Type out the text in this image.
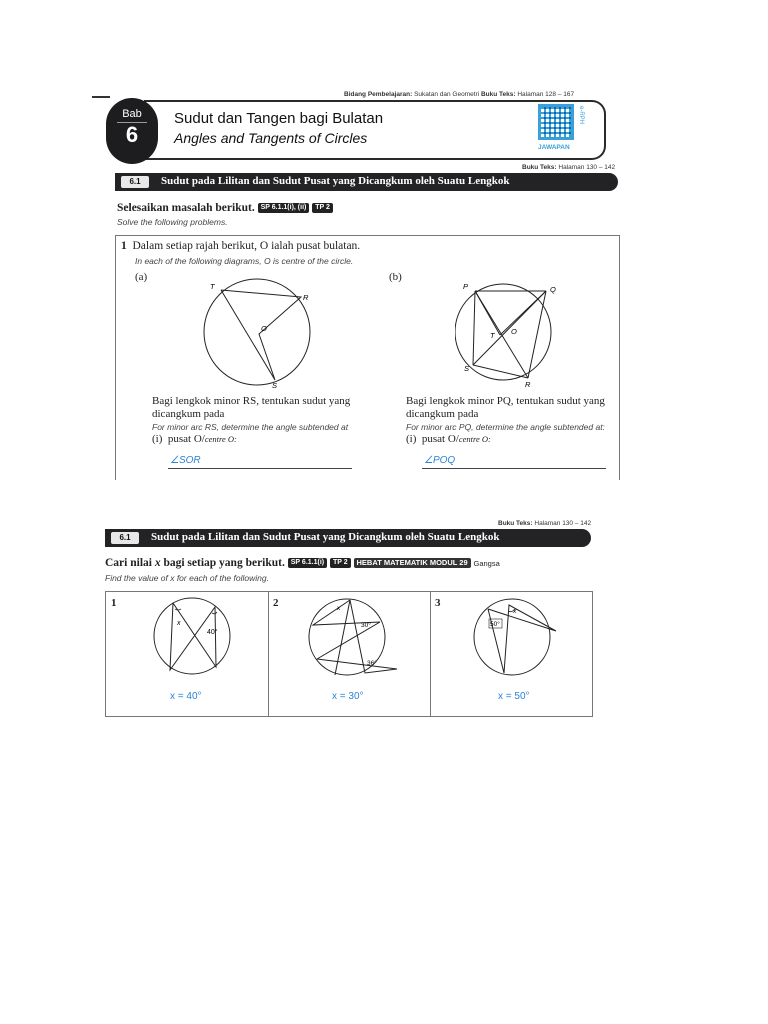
Bidang Pembelajaran: Sukatan dan Geometri Buku Teks: Halaman 128 – 167
Bab
6
Sudut dan Tangen bagi Bulatan
Angles and Tangents of Circles
e-RPH
JAWAPAN
Buku Teks: Halaman 130 – 142
6.1	Sudut pada Lilitan dan Sudut Pusat yang Dicangkum oleh Suatu Lengkok
Selesaikan masalah berikut. SP 6.1.1(i), (ii) TP 2
Solve the following problems.
1 Dalam setiap rajah berikut, O ialah pusat bulatan.
In each of the following diagrams, O is centre of the circle.
(a)	(b)
T
R
O
S
P	Q
T O
S
R
Bagi lengkok minor RS, tentukan sudut yang
dicangkum pada
For minor arc RS, determine the angle subtended at
(i) pusat O/centre O:
∠SOR
Bagi lengkok minor PQ, tentukan sudut yang
dicangkum pada
For minor arc PQ, determine the angle subtended at:
(i) pusat O/centre O:
∠POQ
Buku Teks: Halaman 130 – 142
6.1	Sudut pada Lilitan dan Sudut Pusat yang Dicangkum oleh Suatu Lengkok
Cari nilai x bagi setiap yang berikut. SP 6.1.1(i) TP 2 HEBAT MATEMATIK MODUL 29 Gangsa
Find the value of x for each of the following.
1
x
40°
x = 40°
2	x
30°
36°
x = 30°
3
x
50°
x = 50°
